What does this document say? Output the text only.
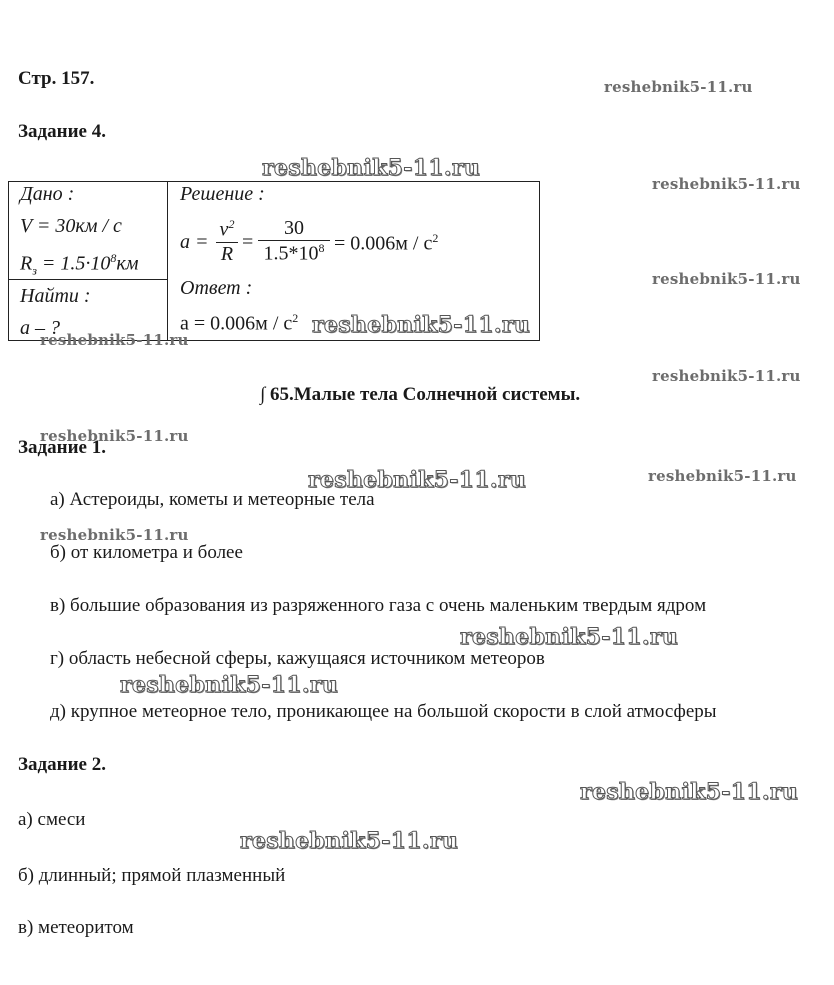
Стр. 157.
Задание 4.
Дано :
V = 30км / с
$R_з = 1.5\cdot 10^8км$
Найти :
а – ?
Решение :
a =
$v^2$
R
=
30
$1.5*10^8 = 0.006м / с^2$
Ответ :
$a = 0.006м / с^2$
∫ 65.Малые тела Солнечной системы.
Задание 1.
а) Астероиды, кометы и метеорные тела
б) от километра и более
в) большие образования из разряженного газа с очень маленьким твердым ядром
г) область небесной сферы, кажущаяся источником метеоров
д) крупное метеорное тело, проникающее на большой скорости в слой атмосферы
Задание 2.
а) смеси
б) длинный; прямой плазменный
в) метеоритом
reshebnik5-11.ru
reshebnik5-11.ru
reshebnik5-11.ru
reshebnik5-11.ru
reshebnik5-11.ru
reshebnik5-11.ru
reshebnik5-11.ru
reshebnik5-11.ru
reshebnik5-11.ru
reshebnik5-11.ru
reshebnik5-11.ru
reshebnik5-11.ru
reshebnik5-11.ru
reshebnik5-11.ru
reshebnik5-11.ru
